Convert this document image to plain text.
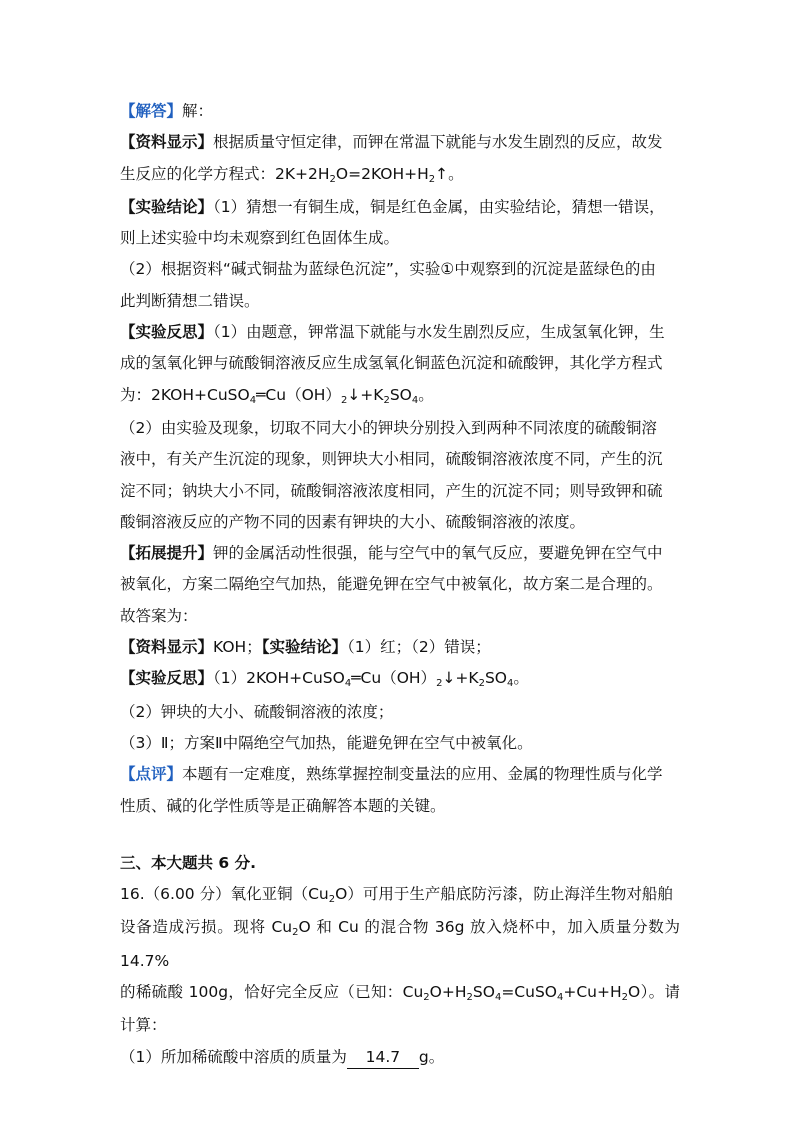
【解答】解：

【资料显示】根据质量守恒定律，而钾在常温下就能与水发生剧烈的反应，故发
生反应的化学方程式：2K+2H2O=2KOH+H2↑。

【实验结论】（1）猜想一有铜生成，铜是红色金属，由实验结论，猜想一错误，
则上述实验中均未观察到红色固体生成。
（2）根据资料“碱式铜盐为蓝绿色沉淀”，实验①中观察到的沉淀是蓝绿色的由
此判断猜想二错误。

【实验反思】（1）由题意，钾常温下就能与水发生剧烈反应，生成氢氧化钾，生
成的氢氧化钾与硫酸铜溶液反应生成氢氧化铜蓝色沉淀和硫酸钾，其化学方程式
为：2KOH+CuSO4═Cu（OH）2↓+K2SO4。
（2）由实验及现象，切取不同大小的钾块分别投入到两种不同浓度的硫酸铜溶
液中，有关产生沉淀的现象，则钾块大小相同，硫酸铜溶液浓度不同，产生的沉
淀不同；钠块大小不同，硫酸铜溶液浓度相同，产生的沉淀不同；则导致钾和硫
酸铜溶液反应的产物不同的因素有钾块的大小、硫酸铜溶液的浓度。

【拓展提升】钾的金属活动性很强，能与空气中的氧气反应，要避免钾在空气中
被氧化，方案二隔绝空气加热，能避免钾在空气中被氧化，故方案二是合理的。
故答案为：

【资料显示】KOH；【实验结论】（1）红；（2）错误；
【实验反思】（1）2KOH+CuSO4═Cu（OH）2↓+K2SO4。
（2）钾块的大小、硫酸铜溶液的浓度；
（3）Ⅱ；方案Ⅱ中隔绝空气加热，能避免钾在空气中被氧化。

【点评】本题有一定难度，熟练掌握控制变量法的应用、金属的物理性质与化学
性质、碱的化学性质等是正确解答本题的关键。

三、本大题共 6 分.

16.（6.00 分）氧化亚铜（Cu2O）可用于生产船底防污漆，防止海洋生物对船舶
设备造成污损。现将 Cu2O 和 Cu 的混合物 36g 放入烧杯中，加入质量分数为 14.7%
的稀硫酸 100g，恰好完全反应（已知：Cu2O+H2SO4=CuSO4+Cu+H2O）。请计算：
（1）所加稀硫酸中溶质的质量为 14.7 g。
